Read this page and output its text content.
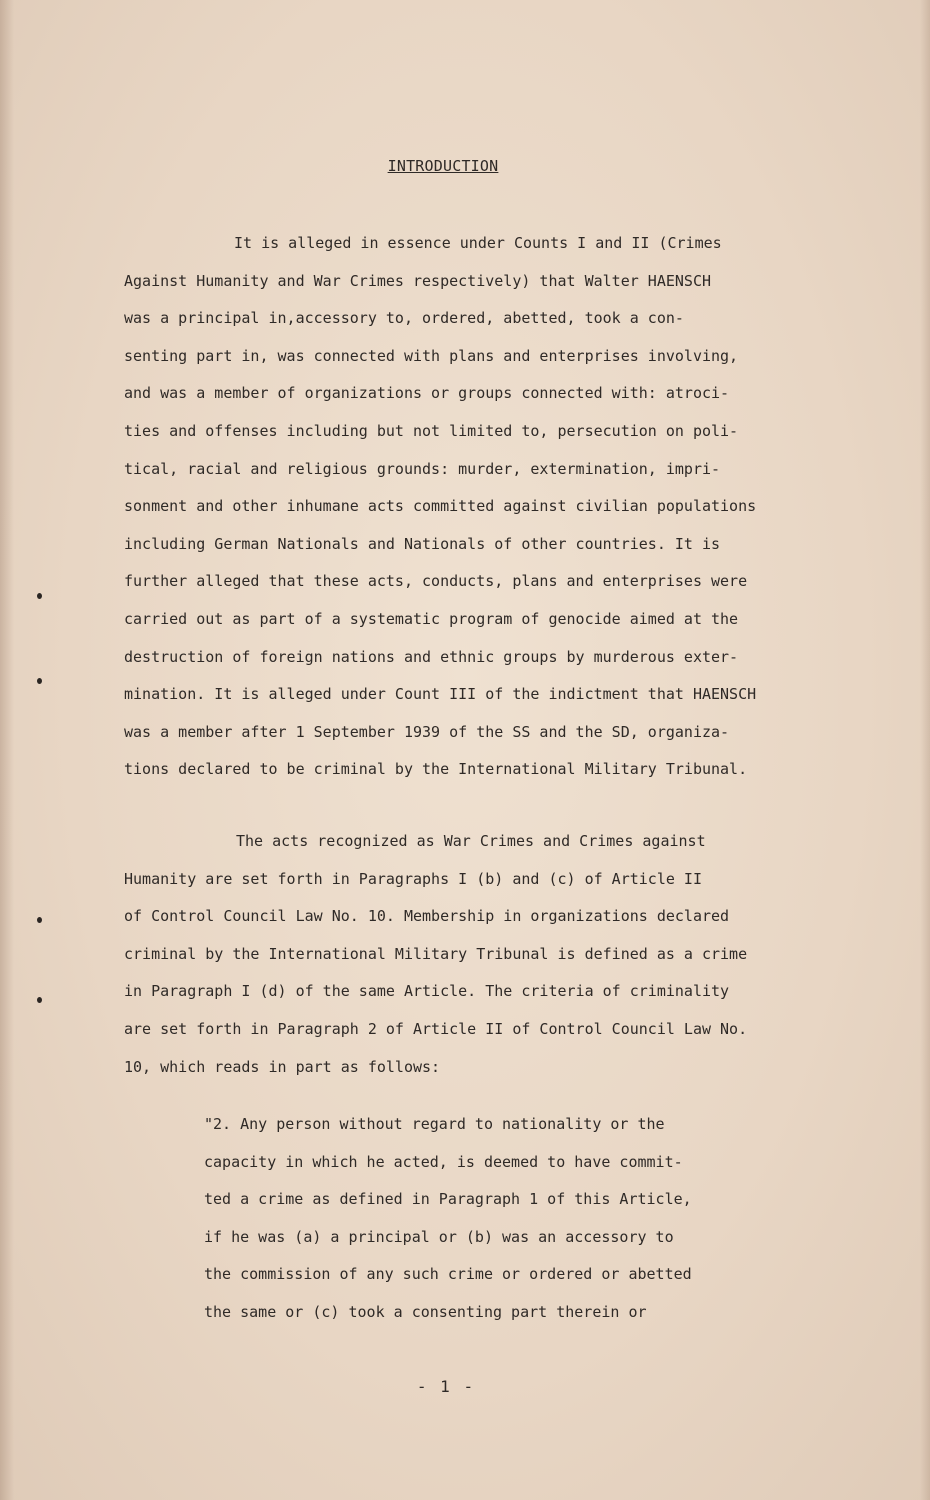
INTRODUCTION
It is alleged in essence under Counts I and II (Crimes
Against Humanity and War Crimes respectively) that Walter HAENSCH
was a principal in,accessory to, ordered, abetted, took a con-
senting part in, was connected with plans and enterprises involving,
and was a member of organizations or groups connected with: atroci-
ties and offenses including but not limited to, persecution on poli-
tical, racial and religious grounds: murder, extermination, impri-
sonment and other inhumane acts committed against civilian populations
including German Nationals and Nationals of other countries. It is
further alleged that these acts, conducts, plans and enterprises were
carried out as part of a systematic program of genocide aimed at the
destruction of foreign nations and ethnic groups by murderous exter-
mination. It is alleged under Count III of the indictment that HAENSCH
was a member after 1 September 1939 of the SS and the SD, organiza-
tions declared to be criminal by the International Military Tribunal.
The acts recognized as War Crimes and Crimes against
Humanity are set forth in Paragraphs I (b) and (c) of Article II
of Control Council Law No. 10. Membership in organizations declared
criminal by the International Military Tribunal is defined as a crime
in Paragraph I (d) of the same Article. The criteria of criminality
are set forth in Paragraph 2 of Article II of Control Council Law No.
10, which reads in part as follows:
"2. Any person without regard to nationality or the
capacity in which he acted, is deemed to have commit-
ted a crime as defined in Paragraph 1 of this Article,
if he was (a) a principal or (b) was an accessory to
the commission of any such crime or ordered or abetted
the same or (c) took a consenting part therein or
- 1 -
